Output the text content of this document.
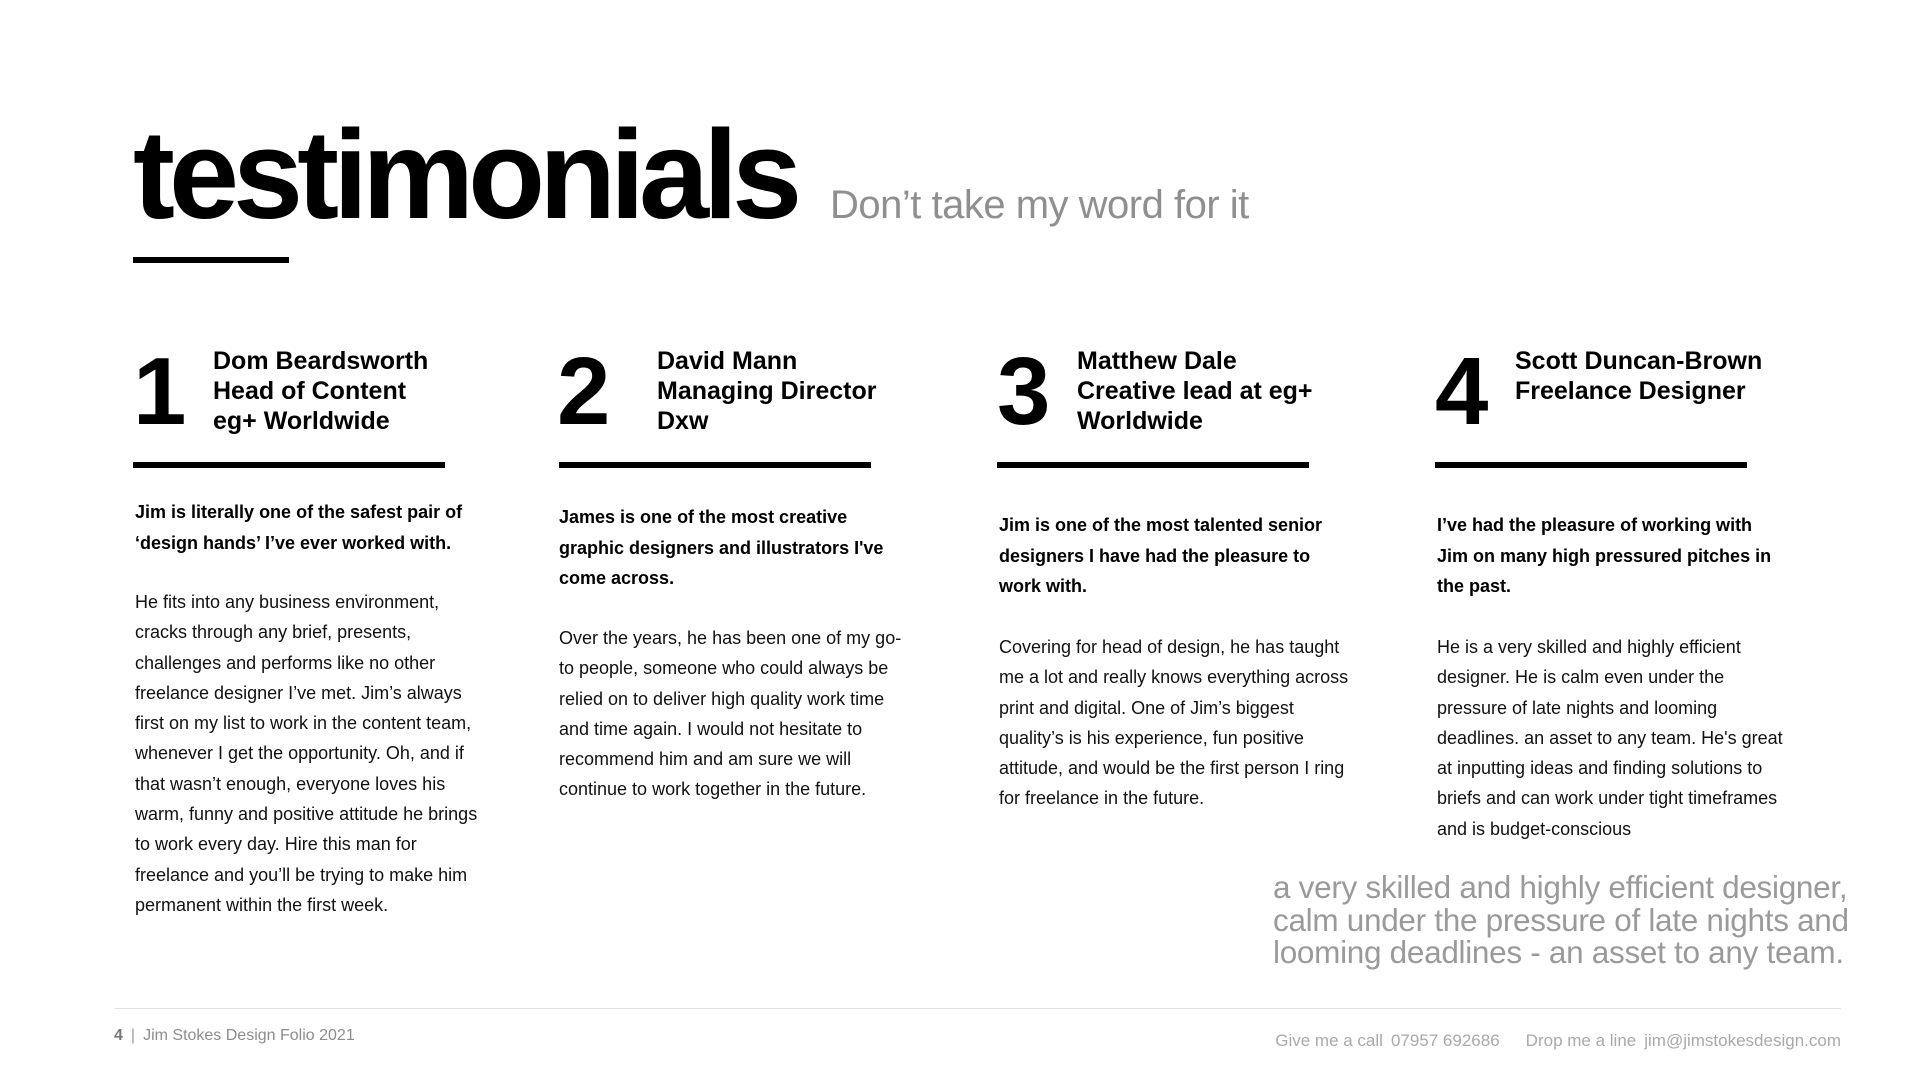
testimonials Don’t take my word for it
1 Dom Beardsworth
Head of Content
eg+ Worldwide
Jim is literally one of the safest pair of
‘design hands’ I’ve ever worked with.
He fits into any business environment,
cracks through any brief, presents,
challenges and performs like no other
freelance designer I’ve met. Jim’s always
first on my list to work in the content team,
whenever I get the opportunity. Oh, and if
that wasn’t enough, everyone loves his
warm, funny and positive attitude he brings
to work every day. Hire this man for
freelance and you’ll be trying to make him
permanent within the first week.
2 David Mann
Managing Director
Dxw
James is one of the most creative
graphic designers and illustrators I've
come across.
Over the years, he has been one of my go-
to people, someone who could always be
relied on to deliver high quality work time
and time again. I would not hesitate to
recommend him and am sure we will
continue to work together in the future.
3 Matthew Dale
Creative lead at eg+
Worldwide
Jim is one of the most talented senior
designers I have had the pleasure to
work with.
Covering for head of design, he has taught
me a lot and really knows everything across
print and digital. One of Jim’s biggest
quality’s is his experience, fun positive
attitude, and would be the first person I ring
for freelance in the future.
4 Scott Duncan-Brown
Freelance Designer
I’ve had the pleasure of working with
Jim on many high pressured pitches in
the past.
He is a very skilled and highly efficient
designer. He is calm even under the
pressure of late nights and looming
deadlines. an asset to any team. He's great
at inputting ideas and finding solutions to
briefs and can work under tight timeframes
and is budget-conscious
a very skilled and highly efficient designer,
calm under the pressure of late nights and
looming deadlines - an asset to any team.
4 | Jim Stokes Design Folio 2021	Give me a call 07957 692686 Drop me a line jim@jimstokesdesign.com
